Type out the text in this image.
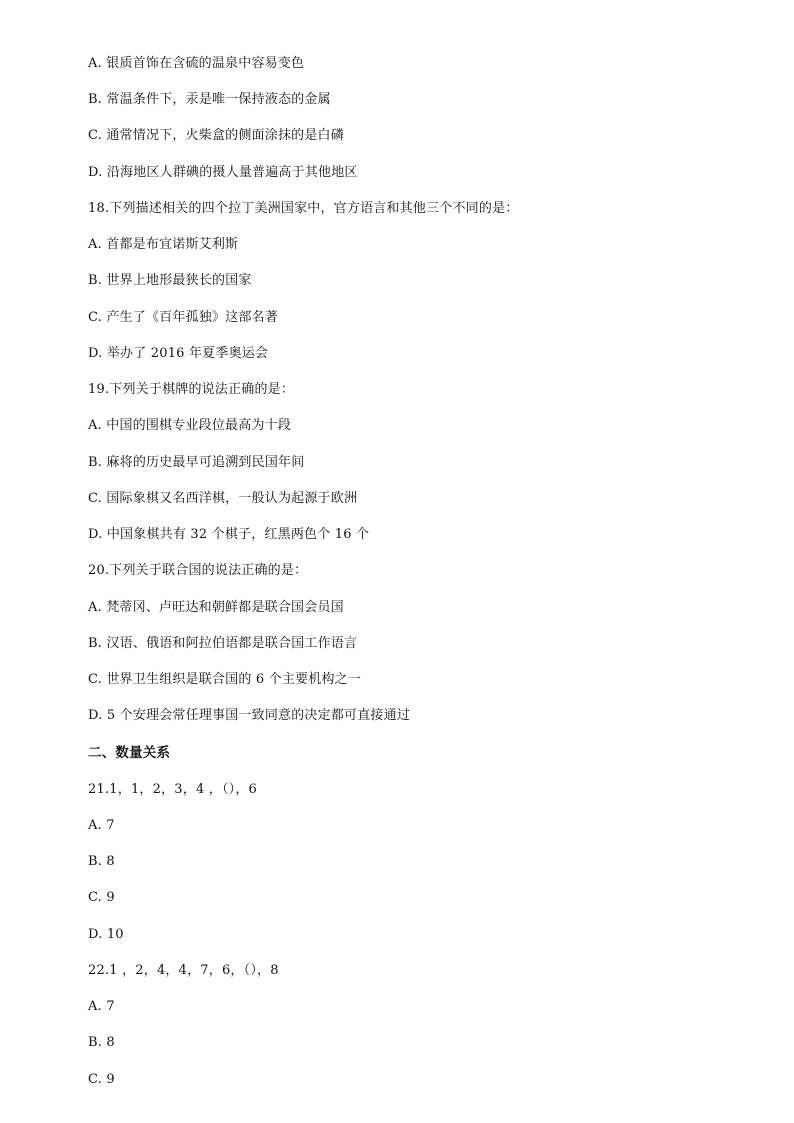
A. 银质首饰在含硫的温泉中容易变色
B. 常温条件下，汞是唯一保持液态的金属
C. 通常情况下，火柴盒的侧面涂抹的是白磷
D. 沿海地区人群碘的摄人量普遍高于其他地区
18.下列描述相关的四个拉丁美洲国家中，官方语言和其他三个不同的是：
A. 首都是布宜诺斯艾利斯
B. 世界上地形最狭长的国家
C. 产生了《百年孤独》这部名著
D. 举办了 2016 年夏季奥运会
19.下列关于棋牌的说法正确的是：
A. 中国的围棋专业段位最高为十段
B. 麻将的历史最早可追溯到民国年间
C. 国际象棋又名西洋棋，一般认为起源于欧洲
D. 中国象棋共有 32 个棋子，红黑两色个 16 个
20.下列关于联合国的说法正确的是：
A. 梵蒂冈、卢旺达和朝鲜都是联合国会员国
B. 汉语、俄语和阿拉伯语都是联合国工作语言
C. 世界卫生组织是联合国的 6 个主要机构之一
D. 5 个安理会常任理事国一致同意的决定都可直接通过
二、数量关系
21.1，1，2，3，4 ，（），6
A. 7
B. 8
C. 9
D. 10
22.1 ，2，4，4，7，6，（），8
A. 7
B. 8
C. 9
